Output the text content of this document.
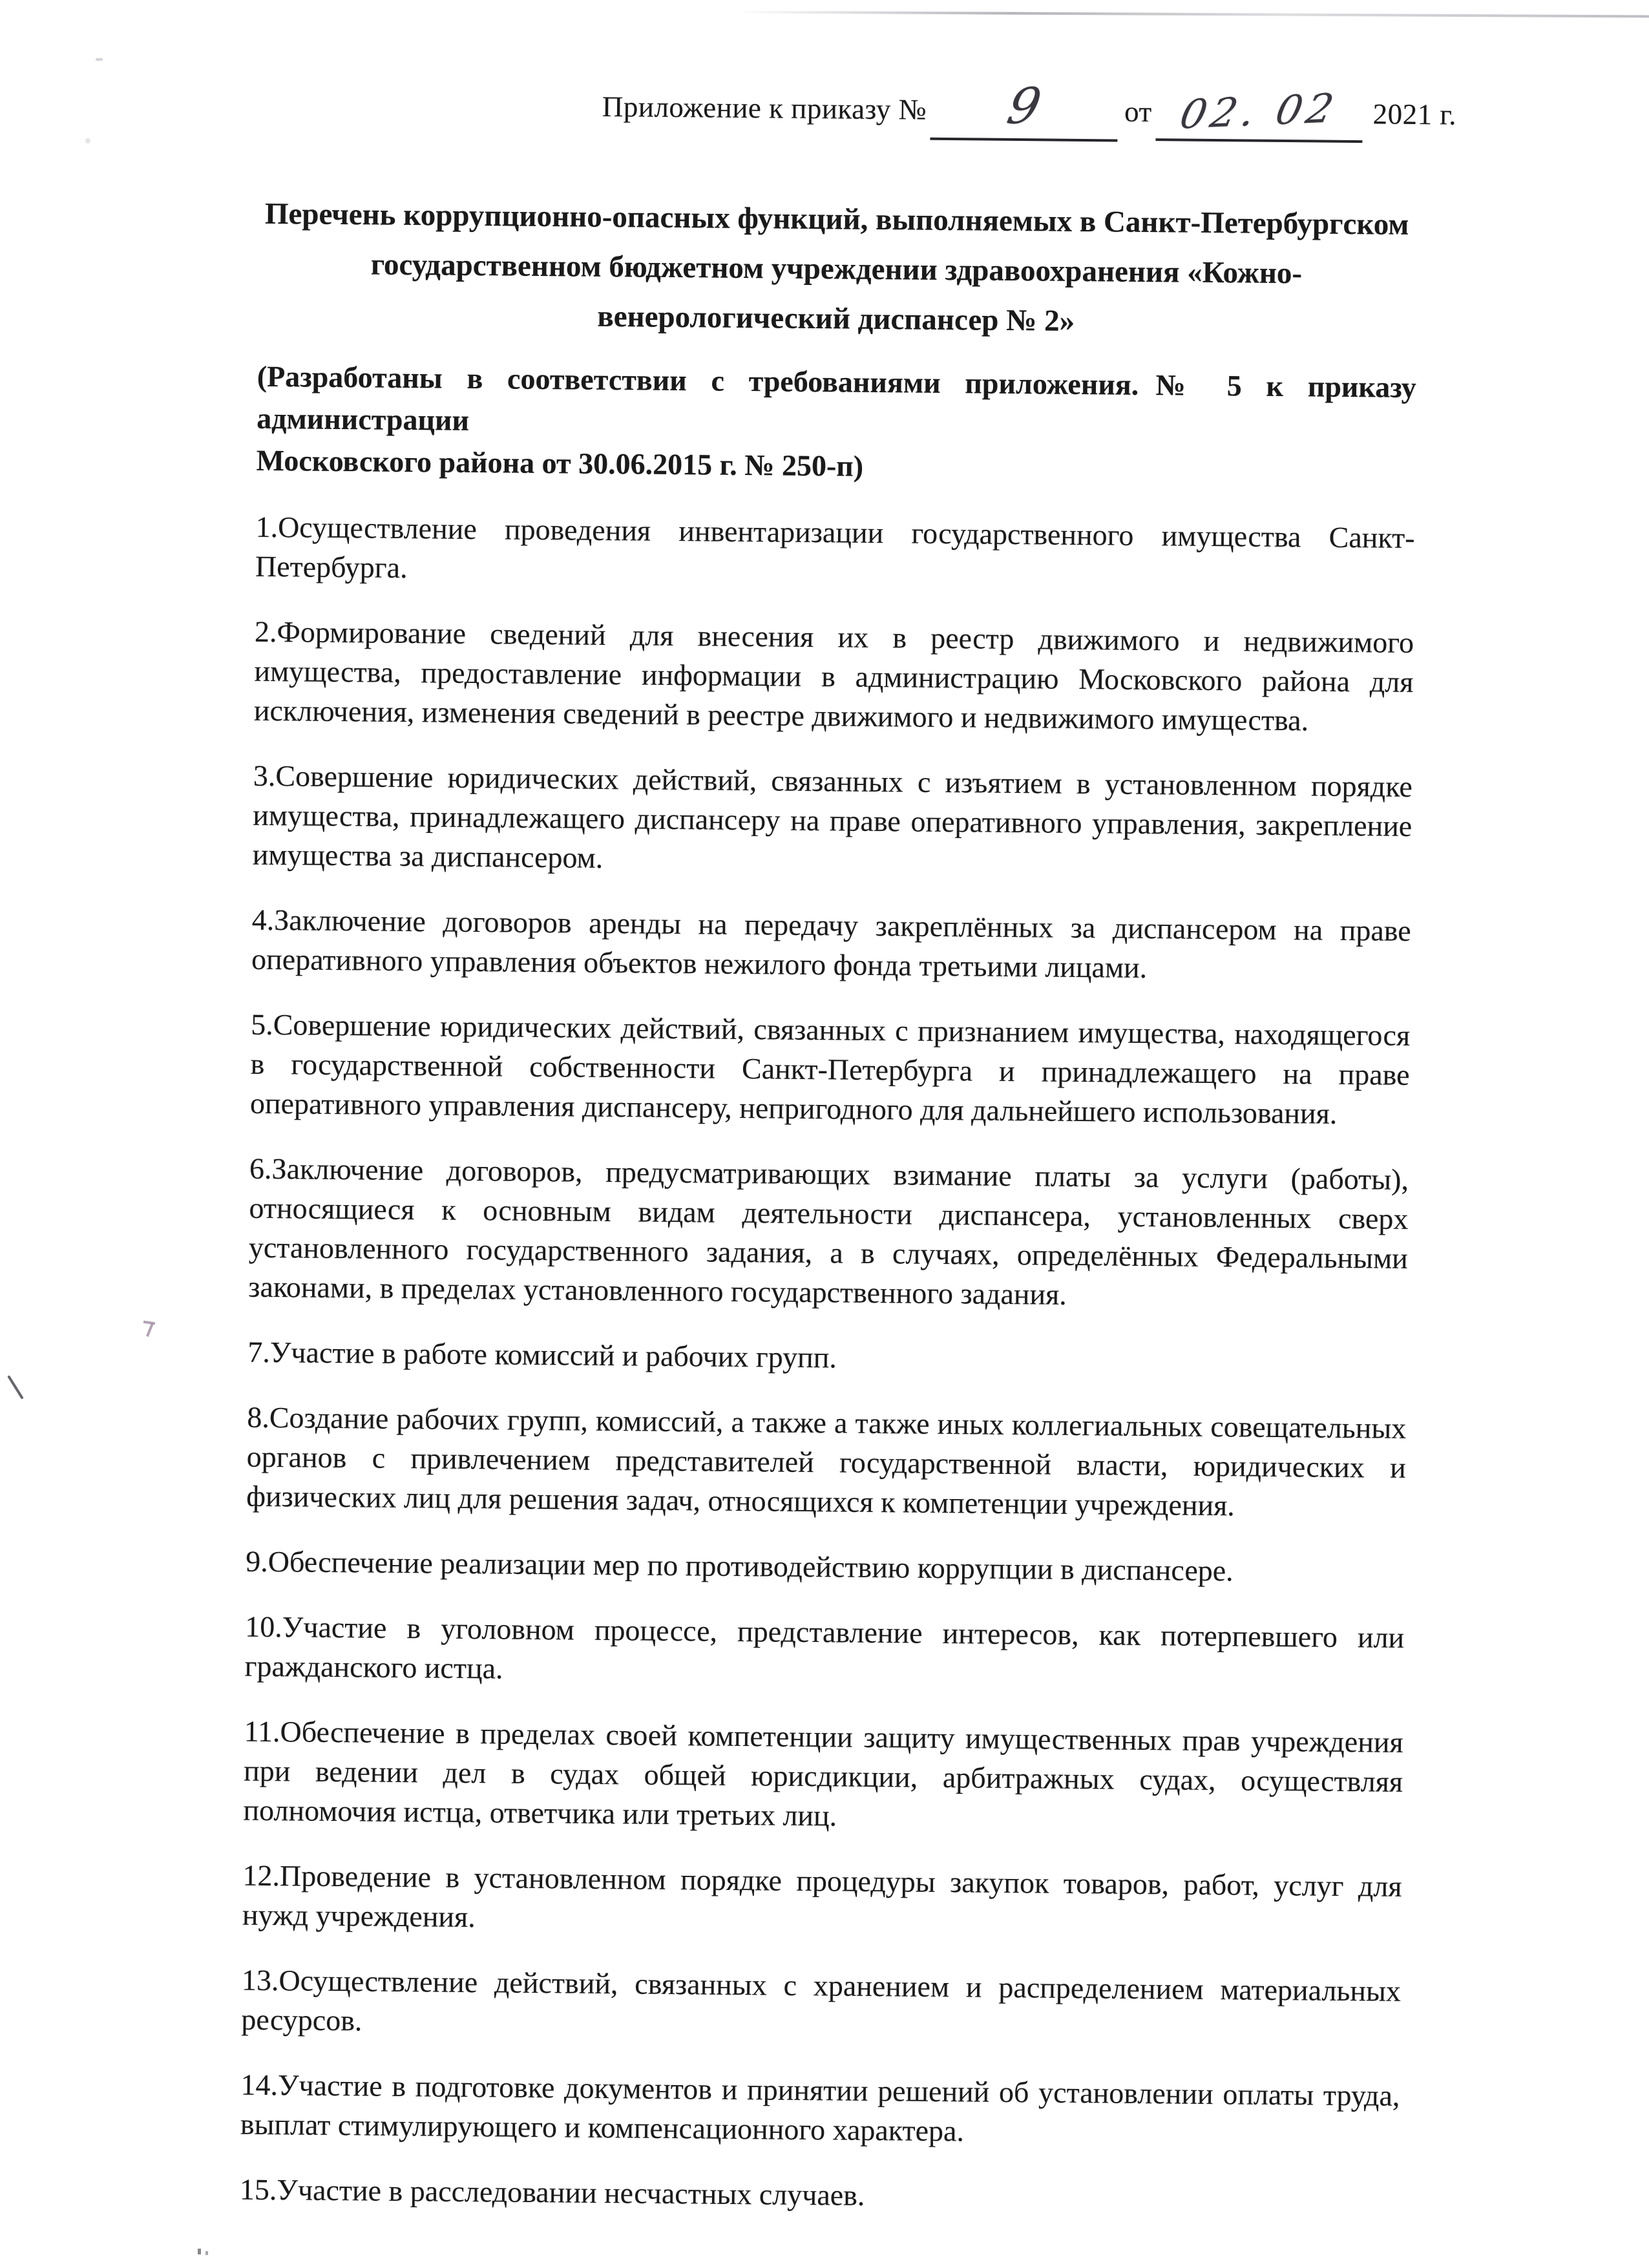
Приложение к приказу №	9	от 02. 02	2021 г.
Перечень коррупционно-опасных функций, выполняемых в Санкт-Петербургском
государственном бюджетном учреждении здравоохранения «Кожно-
венерологический диспансер № 2»
(Разработаны в соответствии с требованиями приложения.№ 5 к приказу администрации
Московского района от 30.06.2015 г. № 250-п)

1.Осуществление проведения инвентаризации государственного имущества Санкт-Петербурга.

2.Формирование сведений для внесения их в реестр движимого и недвижимого имущества, предоставление информации в администрацию Московского района для исключения, изменения сведений в реестре движимого и недвижимого имущества.

3.Совершение юридических действий, связанных с изъятием в установленном порядке имущества, принадлежащего диспансеру на праве оперативного управления, закрепление имущества за диспансером.

4.Заключение договоров аренды на передачу закреплённых за диспансером на праве оперативного управления объектов нежилого фонда третьими лицами.

5.Совершение юридических действий, связанных с признанием имущества, находящегося в государственной собственности Санкт-Петербурга и принадлежащего на праве оперативного управления диспансеру, непригодного для дальнейшего использования.

6.Заключение договоров, предусматривающих взимание платы за услуги (работы), относящиеся к основным видам деятельности диспансера, установленных сверх установленного государственного задания, а в случаях, определённых Федеральными законами, в пределах установленного государственного задания.

7.Участие в работе комиссий и рабочих групп.

8.Создание рабочих групп, комиссий, а также а также иных коллегиальных совещательных органов с привлечением представителей государственной власти, юридических и физических лиц для решения задач, относящихся к компетенции учреждения.

9.Обеспечение реализации мер по противодействию коррупции в диспансере.

10.Участие в уголовном процессе, представление интересов, как потерпевшего или гражданского истца.

11.Обеспечение в пределах своей компетенции защиту имущественных прав учреждения при ведении дел в судах общей юрисдикции, арбитражных судах, осуществляя полномочия истца, ответчика или третьих лиц.

12.Проведение в установленном порядке процедуры закупок товаров, работ, услуг для нужд учреждения.

13.Осуществление действий, связанных с хранением и распределением материальных ресурсов.

14.Участие в подготовке документов и принятии решений об установлении оплаты труда, выплат стимулирующего и компенсационного характера.

15.Участие в расследовании несчастных случаев.
